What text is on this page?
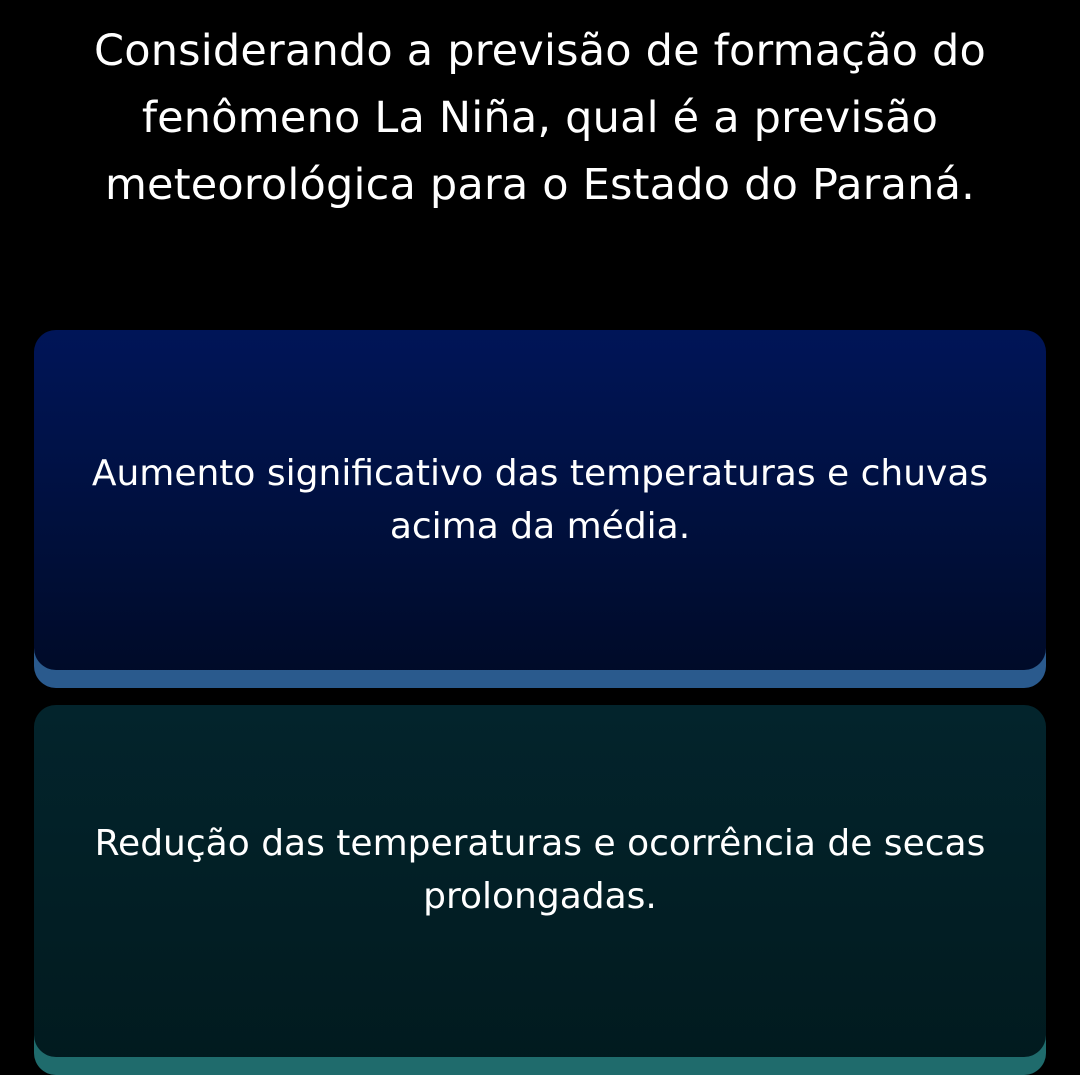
Considerando a previsão de formação do fenômeno La Niña, qual é a previsão meteorológica para o Estado do Paraná.
Aumento significativo das temperaturas e chuvas acima da média.
Redução das temperaturas e ocorrência de secas prolongadas.
